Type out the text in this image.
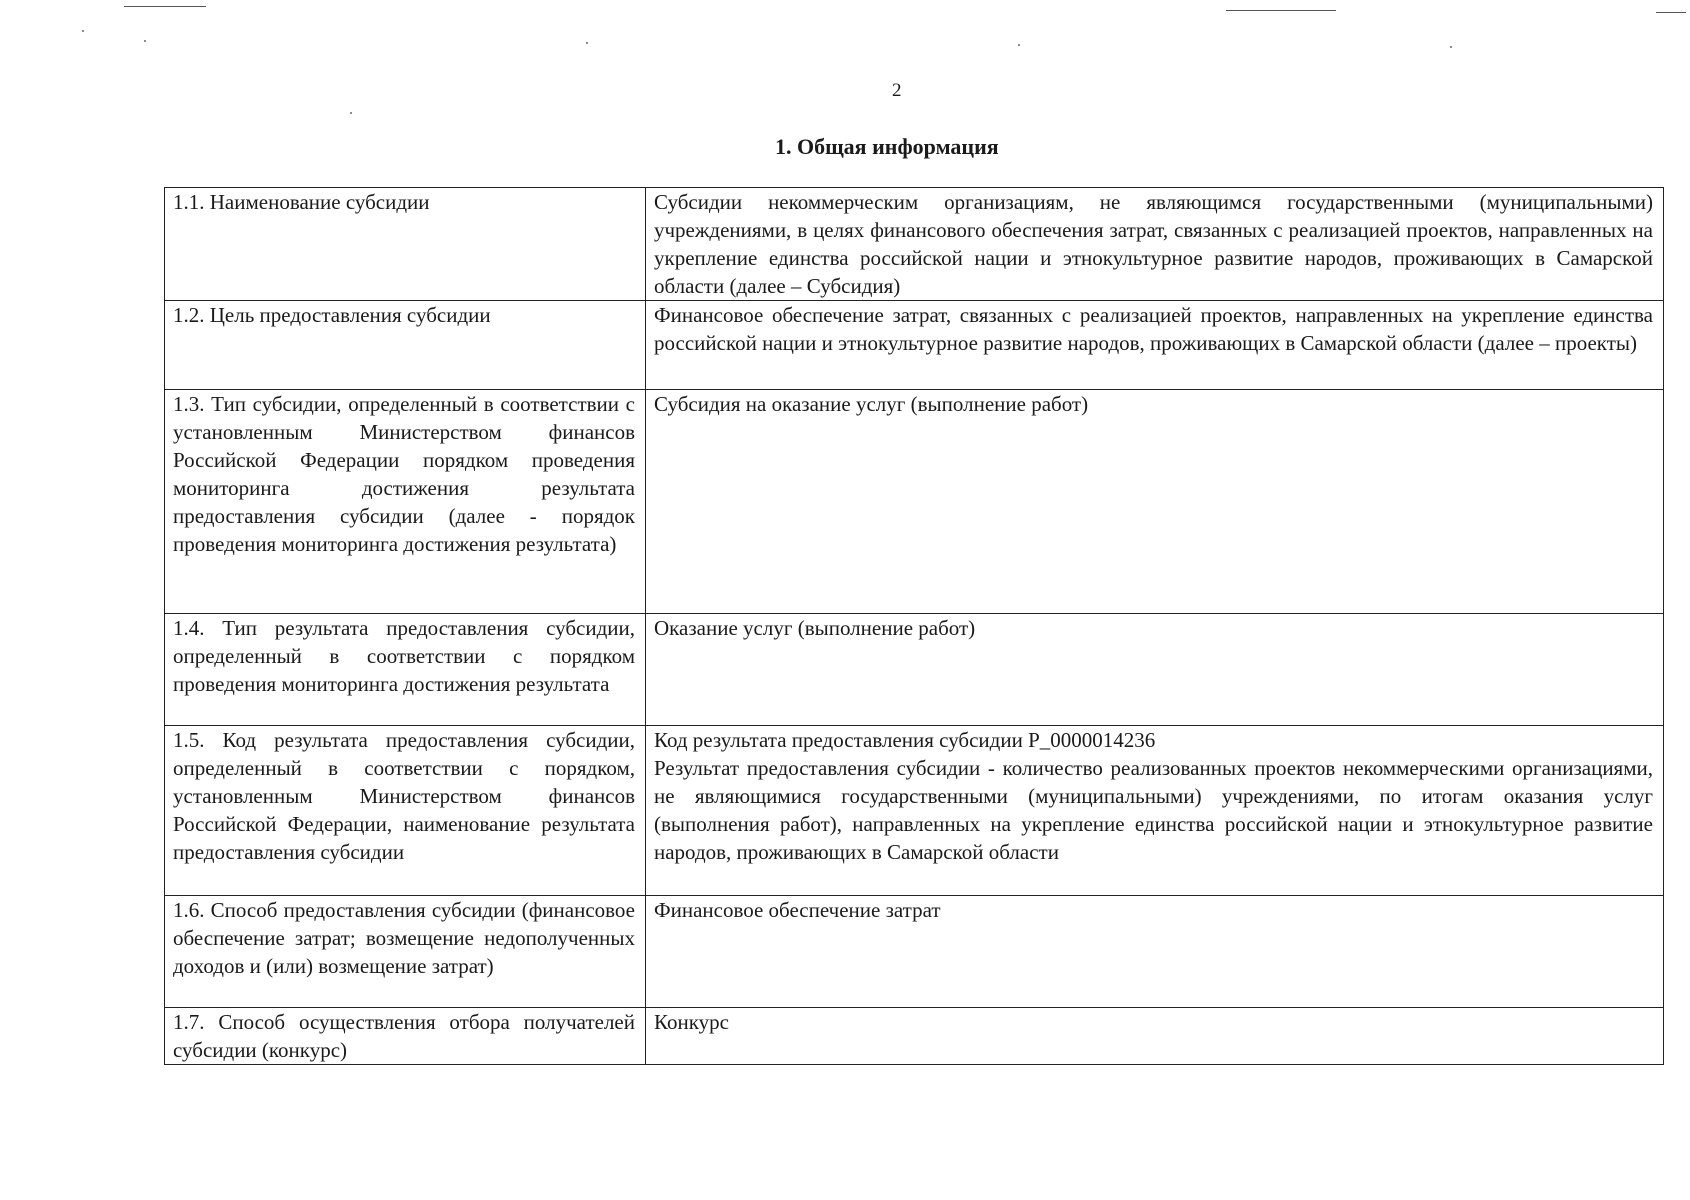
2
1. Общая информация
1.1. Наименование субсидии	Субсидии некоммерческим организациям, не являющимся государственными (муниципальными) учреждениями, в целях финансового обеспечения затрат, связанных с реализацией проектов, направленных на укрепление единства российской нации и этнокультурное развитие народов, проживающих в Самарской области (далее – Субсидия)
1.2. Цель предоставления субсидии	Финансовое обеспечение затрат, связанных с реализацией проектов, направленных на укрепление единства российской нации и этнокультурное развитие народов, проживающих в Самарской области (далее – проекты)
1.3. Тип субсидии, определенный в соответствии с установленным Министерством финансов Российской Федерации порядком проведения мониторинга достижения результата предоставления субсидии (далее - порядок проведения мониторинга достижения результата)	Субсидия на оказание услуг (выполнение работ)
1.4. Тип результата предоставления субсидии, определенный в соответствии с порядком проведения мониторинга достижения результата	Оказание услуг (выполнение работ)
1.5. Код результата предоставления субсидии, определенный в соответствии с порядком, установленным Министерством финансов Российской Федерации, наименование результата предоставления субсидии	Код результата предоставления субсидии P_0000014236
Результат предоставления субсидии - количество реализованных проектов некоммерческими организациями, не являющимися государственными (муниципальными) учреждениями, по итогам оказания услуг (выполнения работ), направленных на укрепление единства российской нации и этнокультурное развитие народов, проживающих в Самарской области

1.6. Способ предоставления субсидии (финансовое обеспечение затрат; возмещение недополученных доходов и (или) возмещение затрат)	Финансовое обеспечение затрат
1.7. Способ осуществления отбора получателей субсидии (конкурс)	Конкурс
